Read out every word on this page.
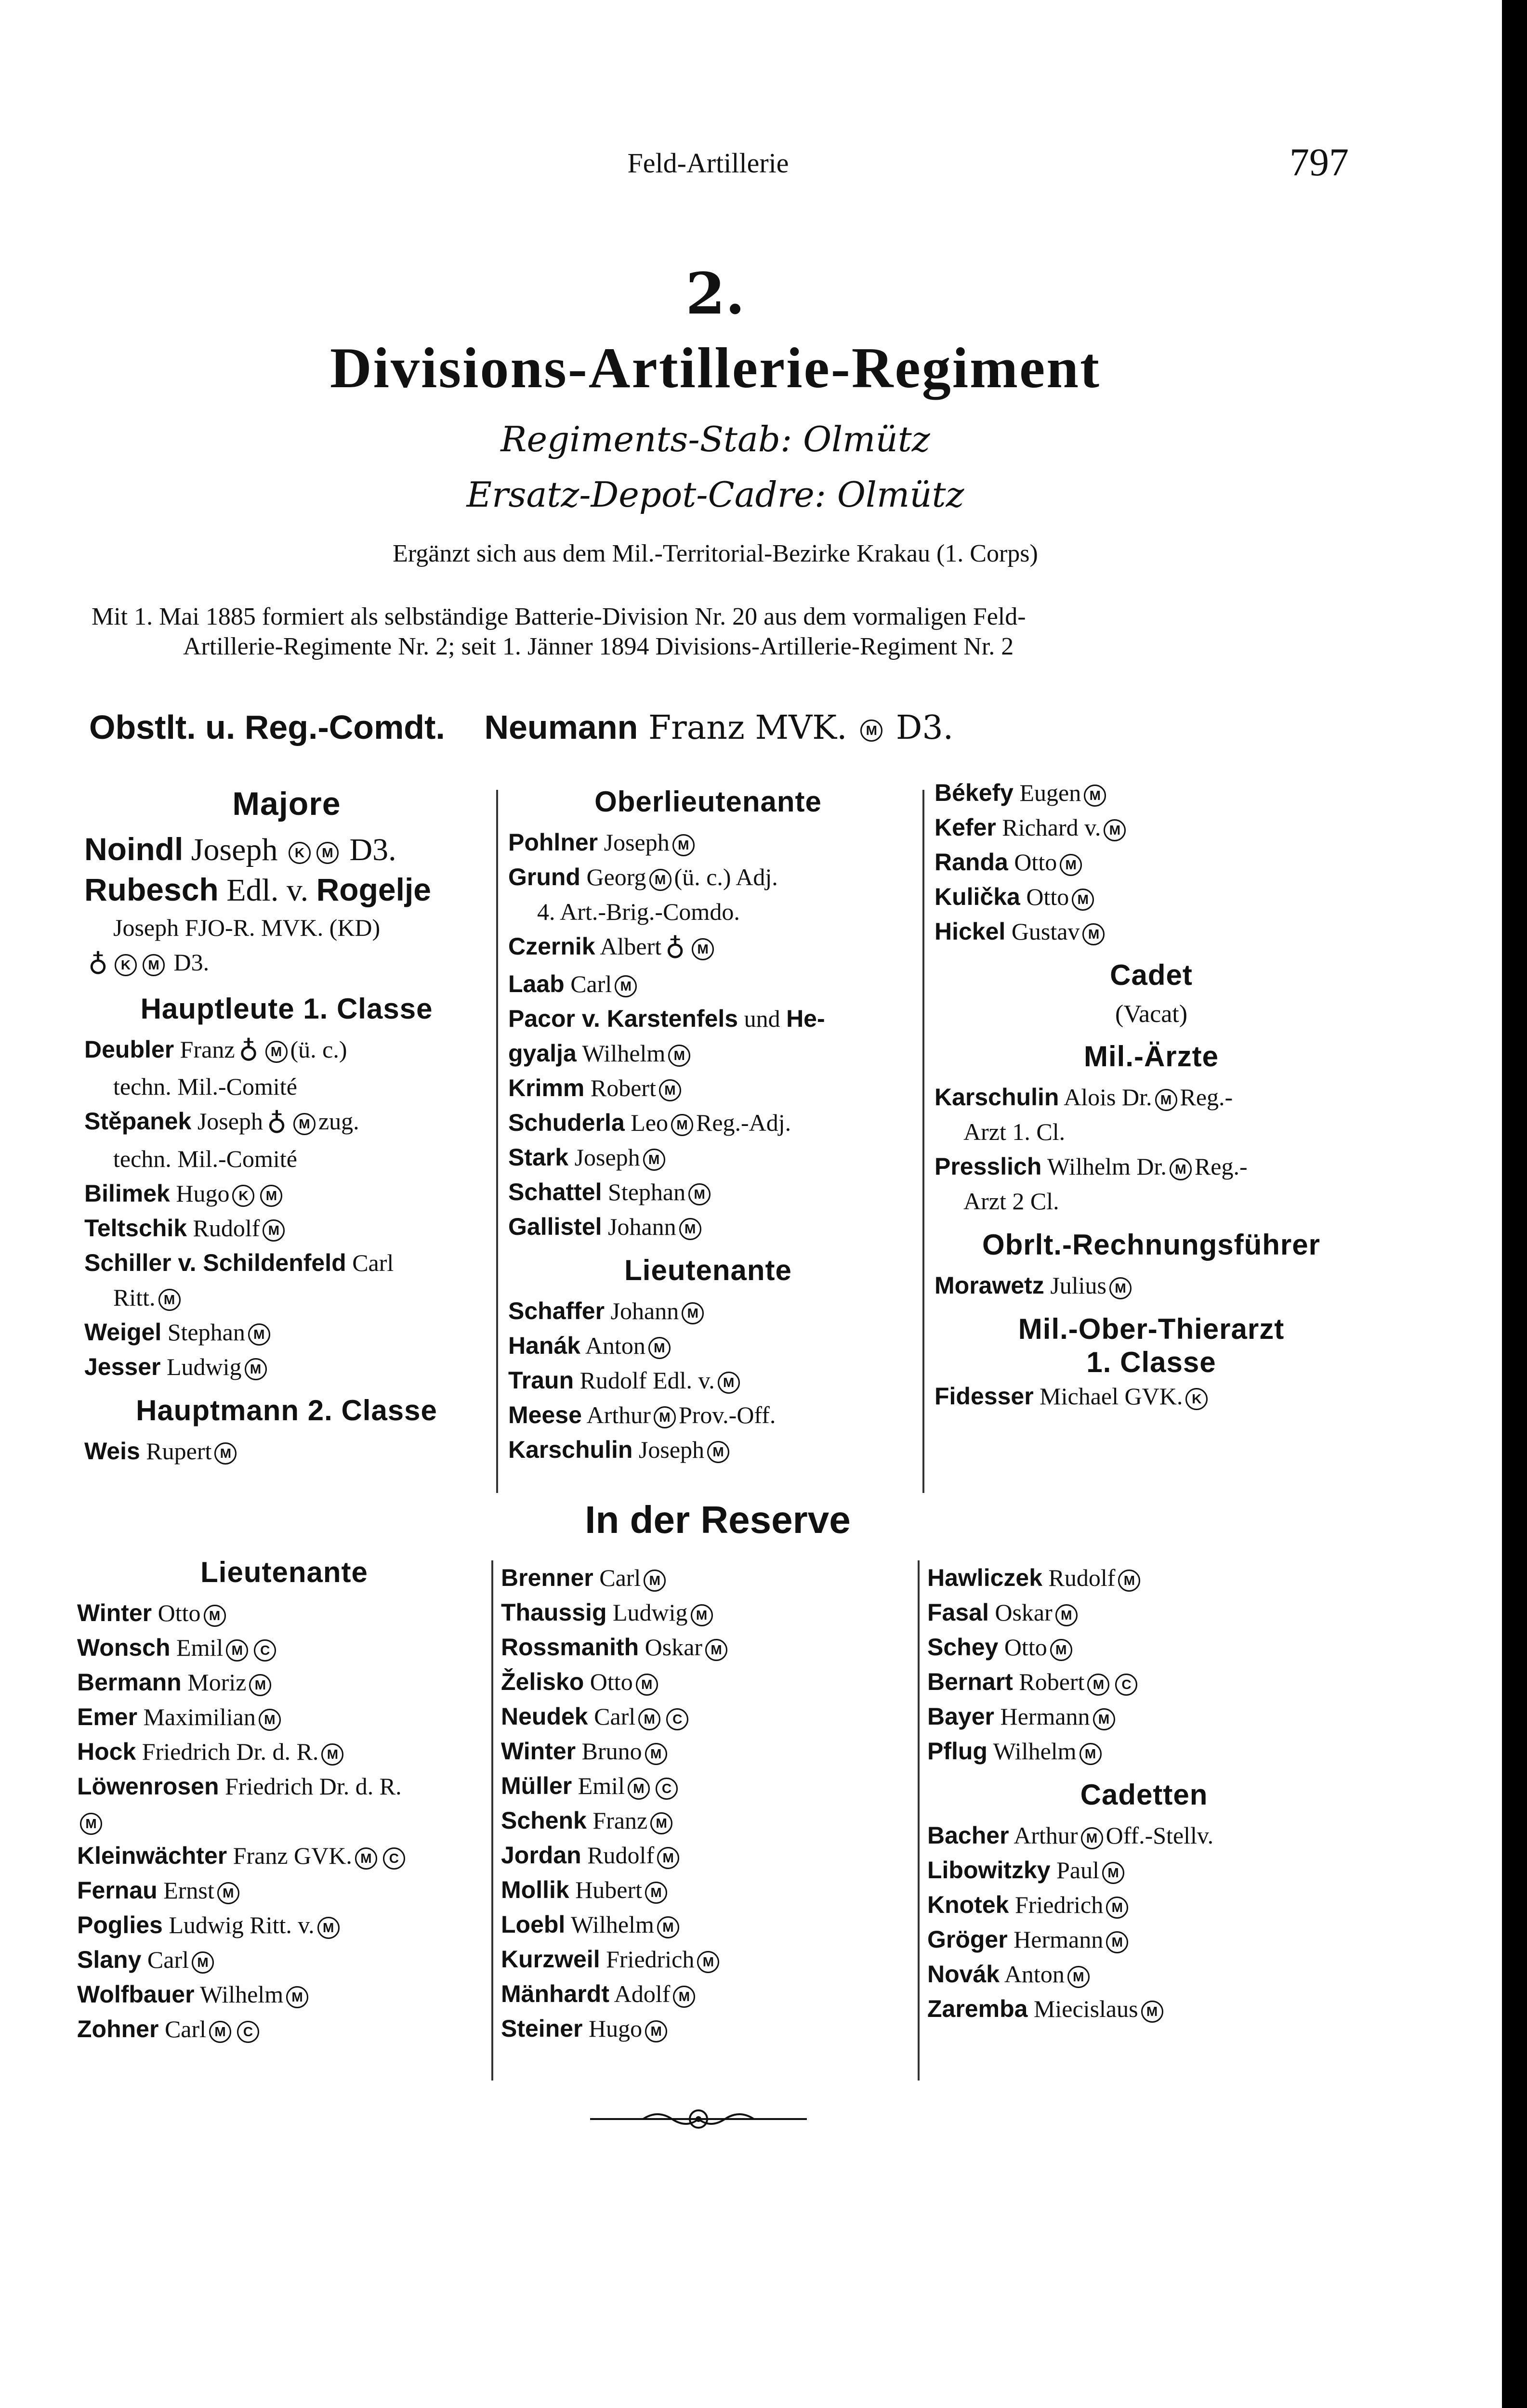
Feld-Artillerie	797
2.
Divisions-Artillerie-Regiment
Regiments-Stab: Olmütz
Ersatz-Depot-Cadre: Olmütz
Ergänzt sich aus dem Mil.-Territorial-Bezirke Krakau (1. Corps)
Mit 1. Mai 1885 formiert als selbständige Batterie-Division Nr. 20 aus dem vormaligen Feld-
Artillerie-Regimente Nr. 2; seit 1. Jänner 1894 Divisions-Artillerie-Regiment Nr. 2
Obstlt. u. Reg.-Comdt. Neumann Franz MVK. M D3.
Majore
Noindl Joseph K M D3.
Rubesch Edl. v. Rogelje
Joseph FJO-R. MVK. (KD)
♁ K M D3.
Hauptleute 1. Classe
Deubler Franz ♁ M (ü. c.)
techn. Mil.-Comité
Stěpanek Joseph ♁ M zug.
techn. Mil.-Comité
Bilimek Hugo K M
Teltschik Rudolf M
Schiller v. Schildenfeld Carl
Ritt. M
Weigel Stephan M
Jesser Ludwig M
Hauptmann 2. Classe
Weis Rupert M
Oberlieutenante
Pohlner Joseph M
Grund Georg M (ü. c.) Adj.
4. Art.-Brig.-Comdo.
Czernik Albert ♁ M
Laab Carl M
Pacor v. Karstenfels und He-
gyalja Wilhelm M
Krimm Robert M
Schuderla Leo M Reg.-Adj.
Stark Joseph M
Schattel Stephan M
Gallistel Johann M
Lieutenante
Schaffer Johann M
Hanák Anton M
Traun Rudolf Edl. v. M
Meese Arthur M Prov.-Off.
Karschulin Joseph M
Békefy Eugen M
Kefer Richard v. M
Randa Otto M
Kulička Otto M
Hickel Gustav M
Cadet
(Vacat)
Mil.-Ärzte
Karschulin Alois Dr. M Reg.-
Arzt 1. Cl.
Presslich Wilhelm Dr. M Reg.-
Arzt 2 Cl.
Obrlt.-Rechnungsführer
Morawetz Julius M
Mil.-Ober-Thierarzt
1. Classe
Fidesser Michael GVK. K
In der Reserve
Lieutenante
Winter Otto M
Wonsch Emil M C
Bermann Moriz M
Emer Maximilian M
Hock Friedrich Dr. d. R. M
Löwenrosen Friedrich Dr. d. R.
M
Kleinwächter Franz GVK. M C
Fernau Ernst M
Poglies Ludwig Ritt. v. M
Slany Carl M
Wolfbauer Wilhelm M
Zohner Carl M C
Brenner Carl M
Thaussig Ludwig M
Rossmanith Oskar M
Želisko Otto M
Neudek Carl M C
Winter Bruno M
Müller Emil M C
Schenk Franz M
Jordan Rudolf M
Mollik Hubert M
Loebl Wilhelm M
Kurzweil Friedrich M
Mänhardt Adolf M
Steiner Hugo M
Hawliczek Rudolf M
Fasal Oskar M
Schey Otto M
Bernart Robert M C
Bayer Hermann M
Pflug Wilhelm M
Cadetten
Bacher Arthur M Off.-Stellv.
Libowitzky Paul M
Knotek Friedrich M
Gröger Hermann M
Novák Anton M
Zaremba Miecislaus M
